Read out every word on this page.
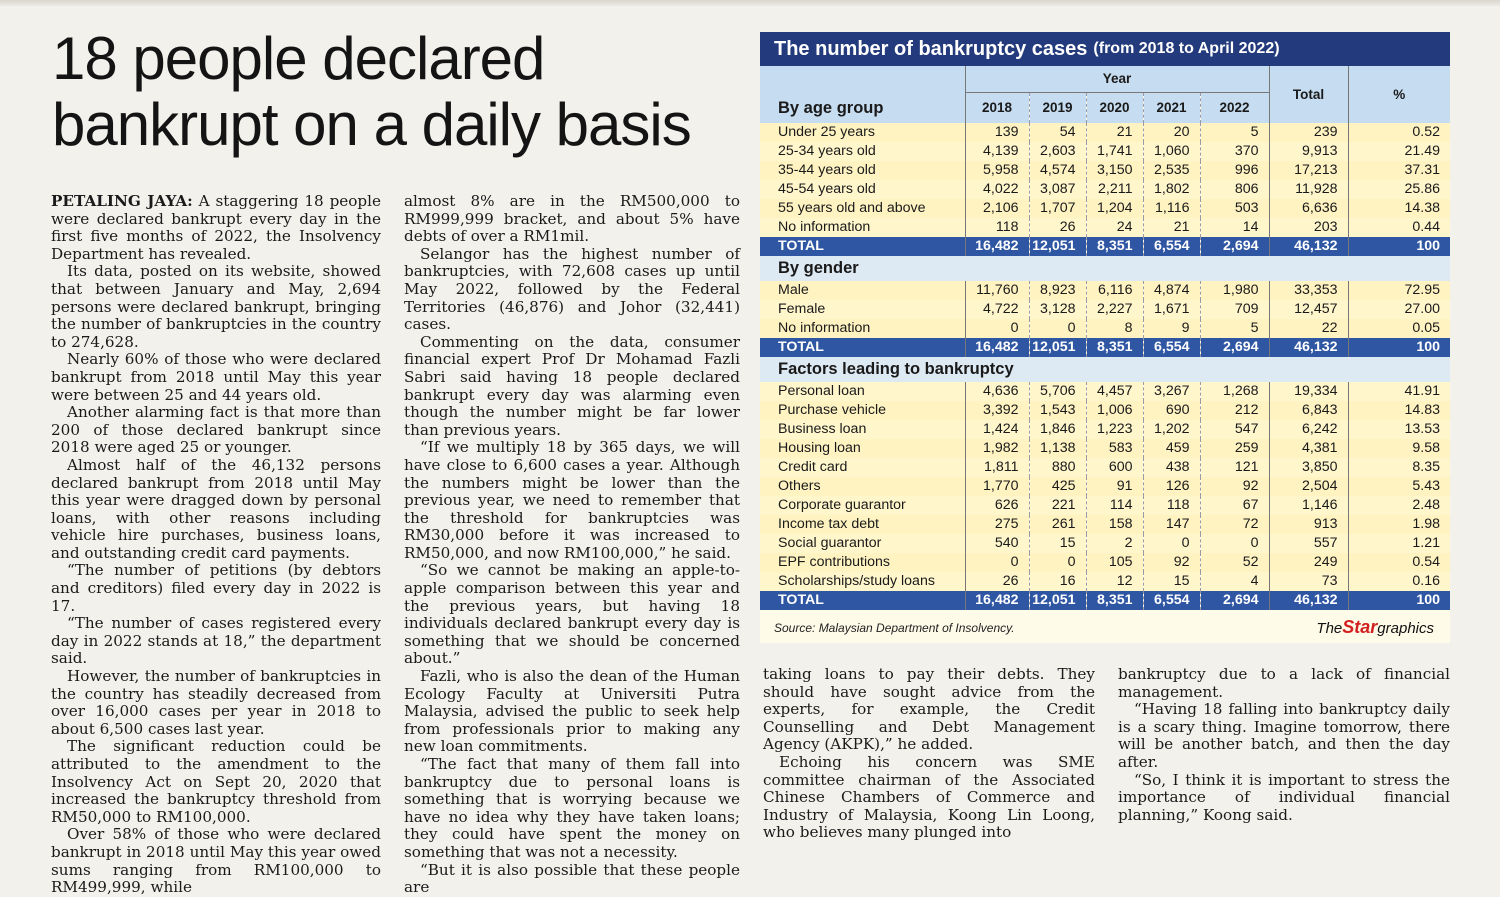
18 people declared
bankrupt on a daily basis

PETALING JAYA: A staggering 18 people were declared bankrupt every day in the first five months of 2022, the Insolvency Department has revealed.

Its data, posted on its website, showed that between January and May, 2,694 persons were declared bankrupt, bringing the number of bankruptcies in the country to 274,628.

Nearly 60% of those who were declared bankrupt from 2018 until May this year were between 25 and 44 years old.

Another alarming fact is that more than 200 of those declared bankrupt since 2018 were aged 25 or younger.

Almost half of the 46,132 persons declared bankrupt from 2018 until May this year were dragged down by personal loans, with other reasons including vehicle hire purchases, business loans, and outstanding credit card payments.

“The number of petitions (by debtors and creditors) filed every day in 2022 is 17.

“The number of cases registered every day in 2022 stands at 18,” the department said.

However, the number of bankruptcies in the country has steadily decreased from over 16,000 cases per year in 2018 to about 6,500 cases last year.

The significant reduction could be attributed to the amendment to the Insolvency Act on Sept 20, 2020 that increased the bankruptcy threshold from RM50,000 to RM100,000.

Over 58% of those who were declared bankrupt in 2018 until May this year owed sums ranging from RM100,000 to RM499,999, while

almost 8% are in the RM500,000 to RM999,999 bracket, and about 5% have debts of over a RM1mil.

Selangor has the highest number of bankruptcies, with 72,608 cases up until May 2022, followed by the Federal Territories (46,876) and Johor (32,441) cases.

Commenting on the data, consumer financial expert Prof Dr Mohamad Fazli Sabri said having 18 people declared bankrupt every day was alarming even though the number might be far lower than previous years.

“If we multiply 18 by 365 days, we will have close to 6,600 cases a year. Although the numbers might be lower than the previous year, we need to remember that the threshold for bankruptcies was RM30,000 before it was increased to RM50,000, and now RM100,000,” he said.

“So we cannot be making an apple-to-apple comparison between this year and the previous years, but having 18 individuals declared bankrupt every day is something that we should be concerned about.”

Fazli, who is also the dean of the Human Ecology Faculty at Universiti Putra Malaysia, advised the public to seek help from professionals prior to making any new loan commitments.

“The fact that many of them fall into bankruptcy due to personal loans is something that is worrying because we have no idea why they have taken loans; they could have spent the money on something that was not a necessity.

“But it is also possible that these people are

taking loans to pay their debts. They should have sought advice from the experts, for example, the Credit Counselling and Debt Management Agency (AKPK),” he added.

Echoing his concern was SME committee chairman of the Associated Chinese Chambers of Commerce and Industry of Malaysia, Koong Lin Loong, who believes many plunged into

bankruptcy due to a lack of financial management.

“Having 18 falling into bankruptcy daily is a scary thing. Imagine tomorrow, there will be another batch, and then the day after.

“So, I think it is important to stress the importance of individual financial planning,” Koong said.

The number of bankruptcy cases (from 2018 to April 2022)
	Year					Total	%
By age group	2018	2019	2020	2021	2022		
Under 25 years	139	54	21	20	5	239	0.52
25-34 years old	4,139	2,603	1,741	1,060	370	9,913	21.49
35-44 years old	5,958	4,574	3,150	2,535	996	17,213	37.31
45-54 years old	4,022	3,087	2,211	1,802	806	11,928	25.86
55 years old and above	2,106	1,707	1,204	1,116	503	6,636	14.38
No information	118	26	24	21	14	203	0.44
TOTAL	16,482	12,051	8,351	6,554	2,694	46,132	100
By gender							
Male	11,760	8,923	6,116	4,874	1,980	33,353	72.95
Female	4,722	3,128	2,227	1,671	709	12,457	27.00
No information	0	0	8	9	5	22	0.05
TOTAL	16,482	12,051	8,351	6,554	2,694	46,132	100
Factors leading to bankruptcy							
Personal loan	4,636	5,706	4,457	3,267	1,268	19,334	41.91
Purchase vehicle	3,392	1,543	1,006	690	212	6,843	14.83
Business loan	1,424	1,846	1,223	1,202	547	6,242	13.53
Housing loan	1,982	1,138	583	459	259	4,381	9.58
Credit card	1,811	880	600	438	121	3,850	8.35
Others	1,770	425	91	126	92	2,504	5.43
Corporate guarantor	626	221	114	118	67	1,146	2.48
Income tax debt	275	261	158	147	72	913	1.98
Social guarantor	540	15	2	0	0	557	1.21
EPF contributions	0	0	105	92	52	249	0.54
Scholarships/study loans	26	16	12	15	4	73	0.16
TOTAL	16,482	12,051	8,351	6,554	2,694	46,132	100
Source: Malaysian Department of Insolvency.	TheStargraphics
